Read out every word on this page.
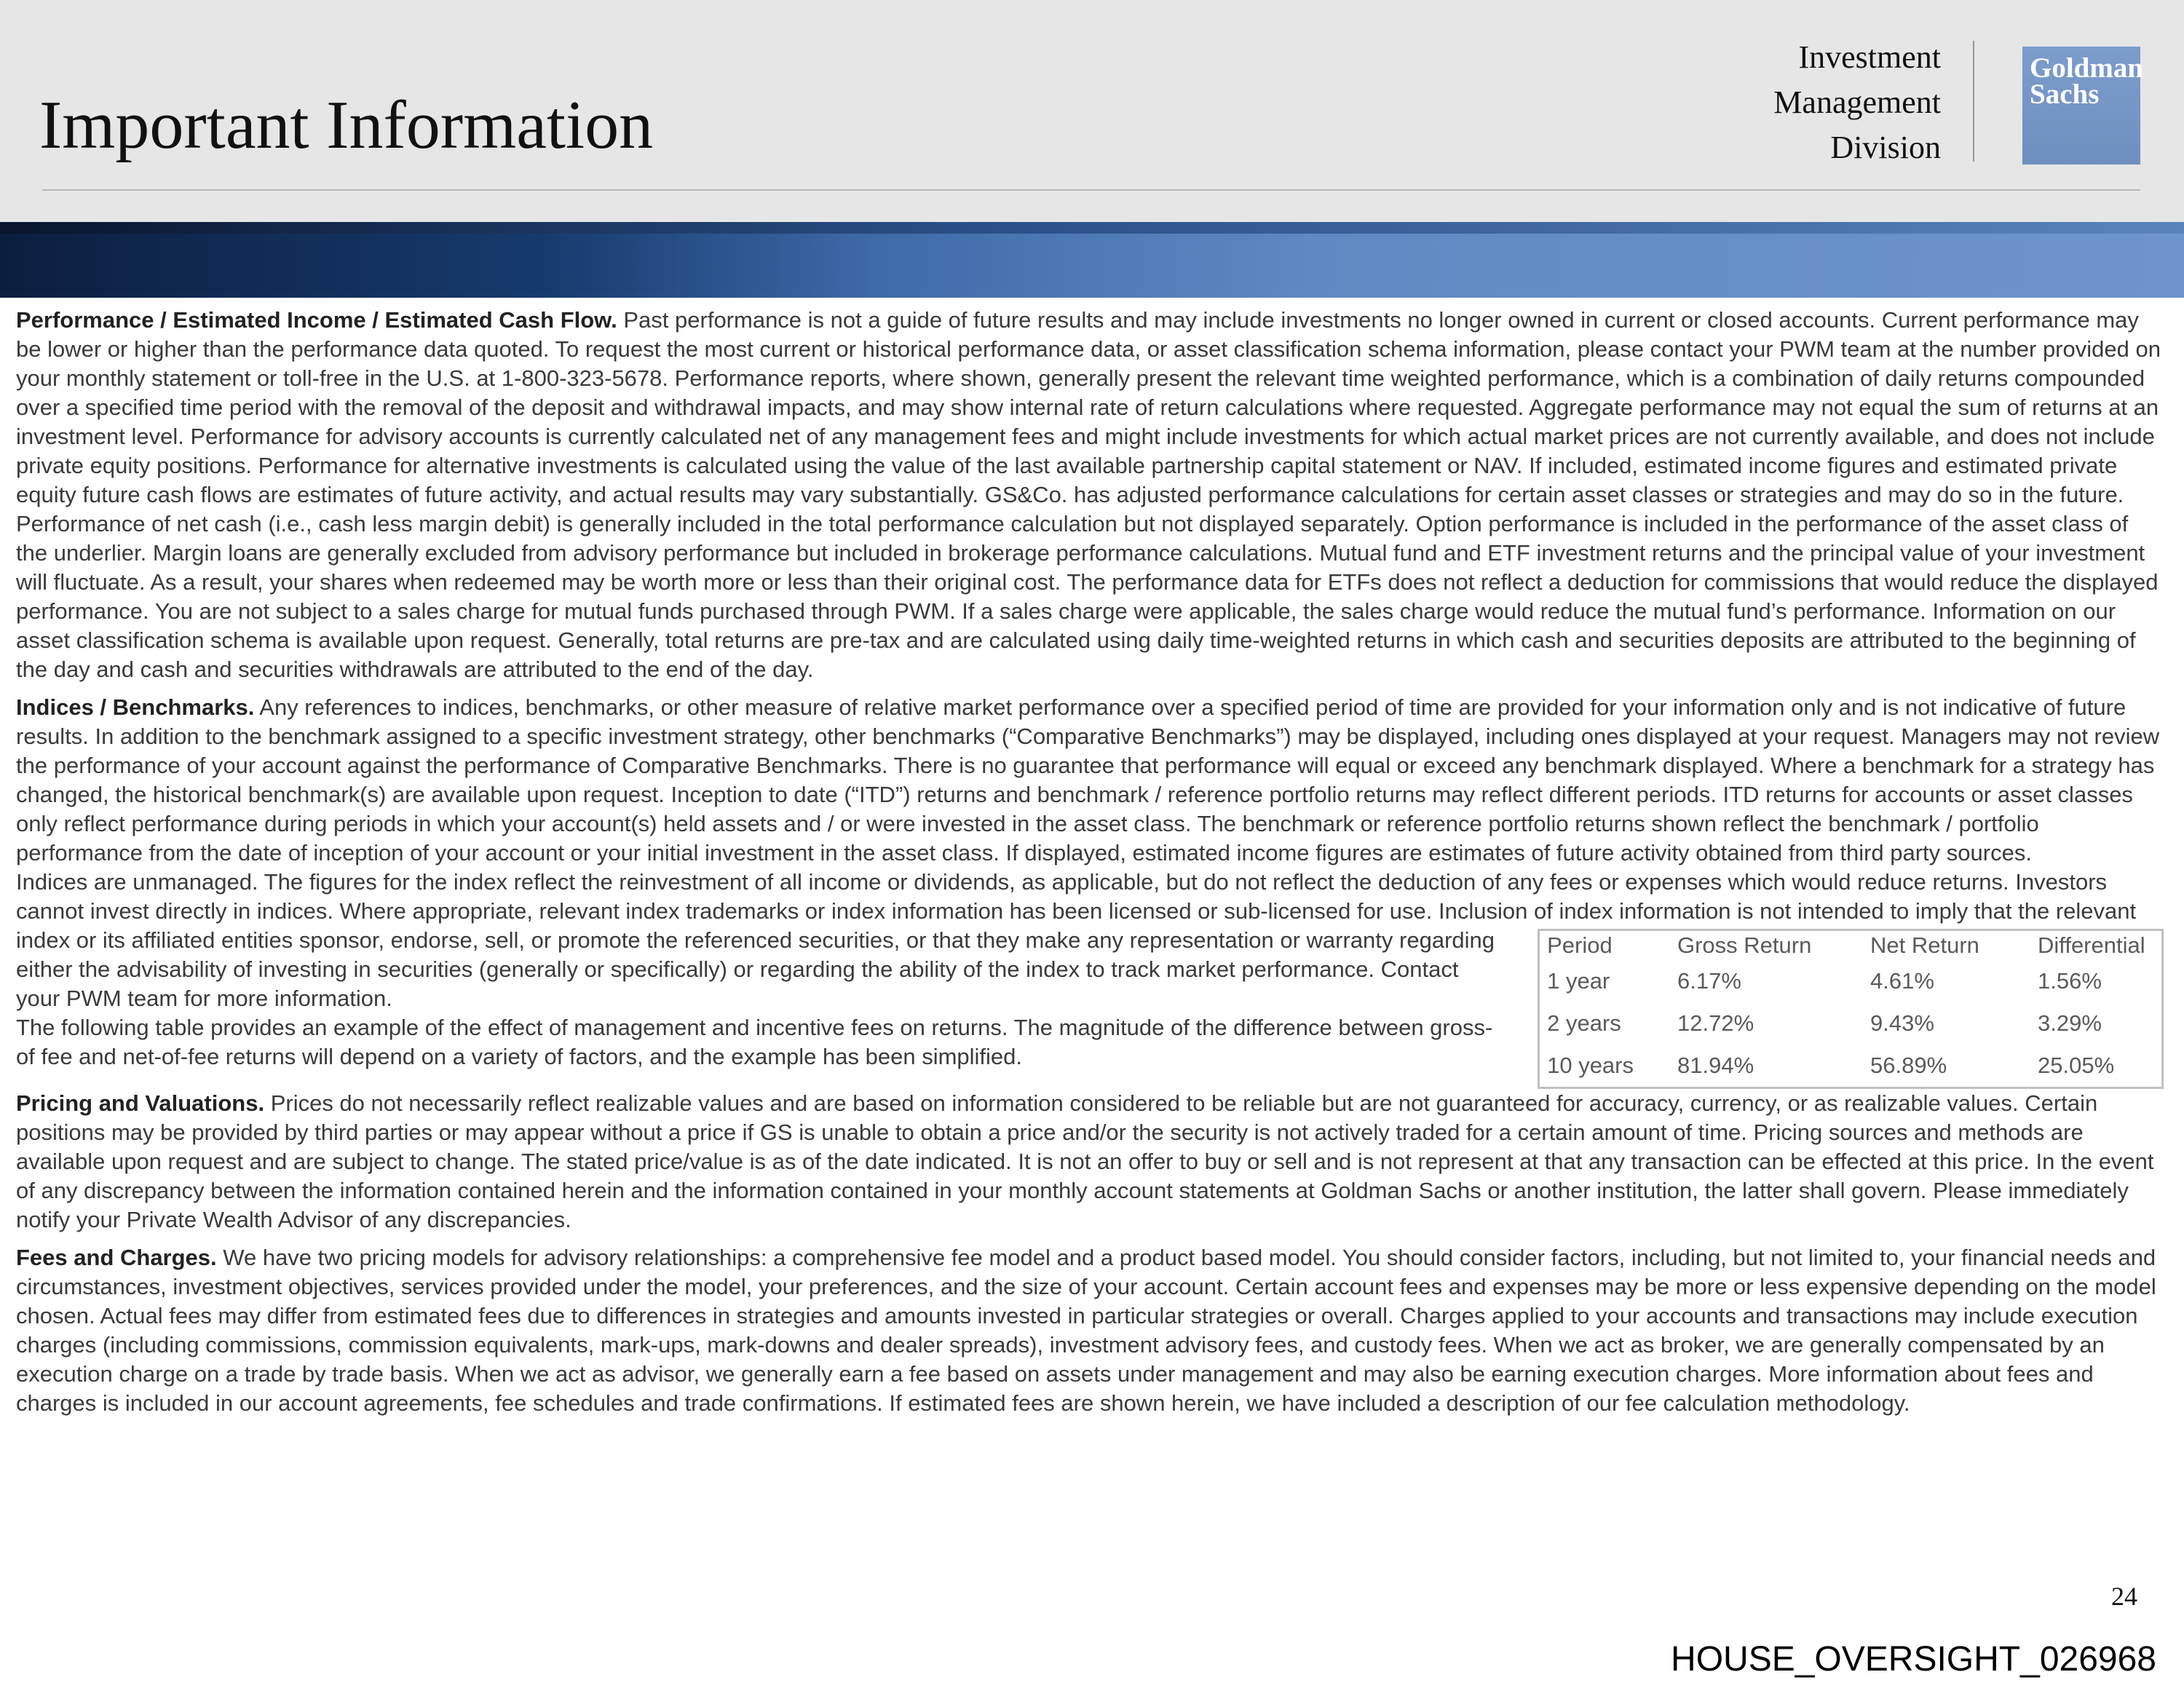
Important Information
Investment
Management
Division
Goldman
Sachs

Performance / Estimated Income / Estimated Cash Flow. Past performance is not a guide of future results and may include investments no longer owned in current or closed accounts. Current performance may be lower or higher than the performance data quoted. To request the most current or historical performance data, or asset classification schema information, please contact your PWM team at the number provided on your monthly statement or toll-free in the U.S. at 1-800-323-5678. Performance reports, where shown, generally present the relevant time weighted performance, which is a combination of daily returns compounded over a specified time period with the removal of the deposit and withdrawal impacts, and may show internal rate of return calculations where requested. Aggregate performance may not equal the sum of returns at an investment level. Performance for advisory accounts is currently calculated net of any management fees and might include investments for which actual market prices are not currently available, and does not include private equity positions. Performance for alternative investments is calculated using the value of the last available partnership capital statement or NAV. If included, estimated income figures and estimated private equity future cash flows are estimates of future activity, and actual results may vary substantially. GS&Co. has adjusted performance calculations for certain asset classes or strategies and may do so in the future. Performance of net cash (i.e., cash less margin debit) is generally included in the total performance calculation but not displayed separately. Option performance is included in the performance of the asset class of the underlier. Margin loans are generally excluded from advisory performance but included in brokerage performance calculations. Mutual fund and ETF investment returns and the principal value of your investment will fluctuate. As a result, your shares when redeemed may be worth more or less than their original cost. The performance data for ETFs does not reflect a deduction for commissions that would reduce the displayed performance. You are not subject to a sales charge for mutual funds purchased through PWM. If a sales charge were applicable, the sales charge would reduce the mutual fund’s performance. Information on our asset classification schema is available upon request. Generally, total returns are pre-tax and are calculated using daily time-weighted returns in which cash and securities deposits are attributed to the beginning of the day and cash and securities withdrawals are attributed to the end of the day.

Indices / Benchmarks. Any references to indices, benchmarks, or other measure of relative market performance over a specified period of time are provided for your information only and is not indicative of future results. In addition to the benchmark assigned to a specific investment strategy, other benchmarks (“Comparative Benchmarks”) may be displayed, including ones displayed at your request. Managers may not review the performance of your account against the performance of Comparative Benchmarks. There is no guarantee that performance will equal or exceed any benchmark displayed. Where a benchmark for a strategy has changed, the historical benchmark(s) are available upon request. Inception to date (“ITD”) returns and benchmark / reference portfolio returns may reflect different periods. ITD returns for accounts or asset classes only reflect performance during periods in which your account(s) held assets and / or were invested in the asset class. The benchmark or reference portfolio returns shown reflect the benchmark / portfolio performance from the date of inception of your account or your initial investment in the asset class. If displayed, estimated income figures are estimates of future activity obtained from third party sources.

Indices are unmanaged. The figures for the index reflect the reinvestment of all income or dividends, as applicable, but do not reflect the deduction of any fees or expenses which would reduce returns. Investors cannot invest directly in indices. Where appropriate, relevant index trademarks or index information has been licensed or sub-licensed for use. Inclusion of index information is not
Period	Gross Return	Net Return	Differential
1 year	6.17%	4.61%	1.56%
2 years	12.72%	9.43%	3.29%
10 years	81.94%	56.89%	25.05%
intended to imply that the relevant index or its affiliated entities sponsor, endorse, sell, or promote the referenced securities, or that they make any representation or warranty regarding either the advisability of investing in securities (generally or specifically) or regarding the ability of the index to track market performance. Contact your PWM team for more information.
The following table provides an example of the effect of management and incentive fees on returns. The magnitude of the difference between gross-of fee and net-of-fee returns will depend on a variety of factors, and the example has been simplified.

Pricing and Valuations. Prices do not necessarily reflect realizable values and are based on information considered to be reliable but are not guaranteed for accuracy, currency, or as realizable values. Certain positions may be provided by third parties or may appear without a price if GS is unable to obtain a price and/or the security is not actively traded for a certain amount of time. Pricing sources and methods are available upon request and are subject to change. The stated price/value is as of the date indicated. It is not an offer to buy or sell and is not represent at that any transaction can be effected at this price. In the event of any discrepancy between the information contained herein and the information contained in your monthly account statements at Goldman Sachs or another institution, the latter shall govern. Please immediately notify your Private Wealth Advisor of any discrepancies.

Fees and Charges. We have two pricing models for advisory relationships: a comprehensive fee model and a product based model. You should consider factors, including, but not limited to, your financial needs and circumstances, investment objectives, services provided under the model, your preferences, and the size of your account. Certain account fees and expenses may be more or less expensive depending on the model chosen. Actual fees may differ from estimated fees due to differences in strategies and amounts invested in particular strategies or overall. Charges applied to your accounts and transactions may include execution charges (including commissions, commission equivalents, mark-ups, mark-downs and dealer spreads), investment advisory fees, and custody fees. When we act as broker, we are generally compensated by an execution charge on a trade by trade basis. When we act as advisor, we generally earn a fee based on assets under management and may also be earning execution charges. More information about fees and charges is included in our account agreements, fee schedules and trade confirmations. If estimated fees are shown herein, we have included a description of our fee calculation methodology.

24
HOUSE_OVERSIGHT_026968
